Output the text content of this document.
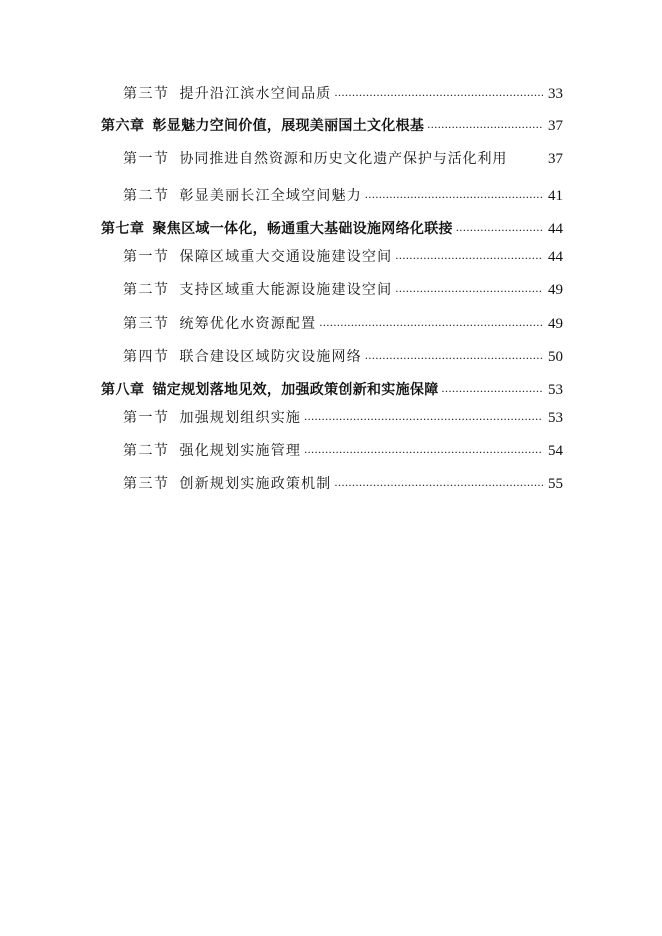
第三节 提升沿江滨水空间品质 .....	33
第六章 彰显魅力空间价值，展现美丽国土文化根基 .....	37
第一节 协同推进自然资源和历史文化遗产保护与活化利用	37
第二节 彰显美丽长江全域空间魅力 .....	41
第七章 聚焦区域一体化，畅通重大基础设施网络化联接 .....	44
第一节 保障区域重大交通设施建设空间 .....	44
第二节 支持区域重大能源设施建设空间 .....	49
第三节 统筹优化水资源配置 .....	49
第四节 联合建设区域防灾设施网络 .....	50
第八章 锚定规划落地见效，加强政策创新和实施保障 .....	53
第一节 加强规划组织实施 .....	53
第二节 强化规划实施管理 .....	54
第三节 创新规划实施政策机制 .....	55
